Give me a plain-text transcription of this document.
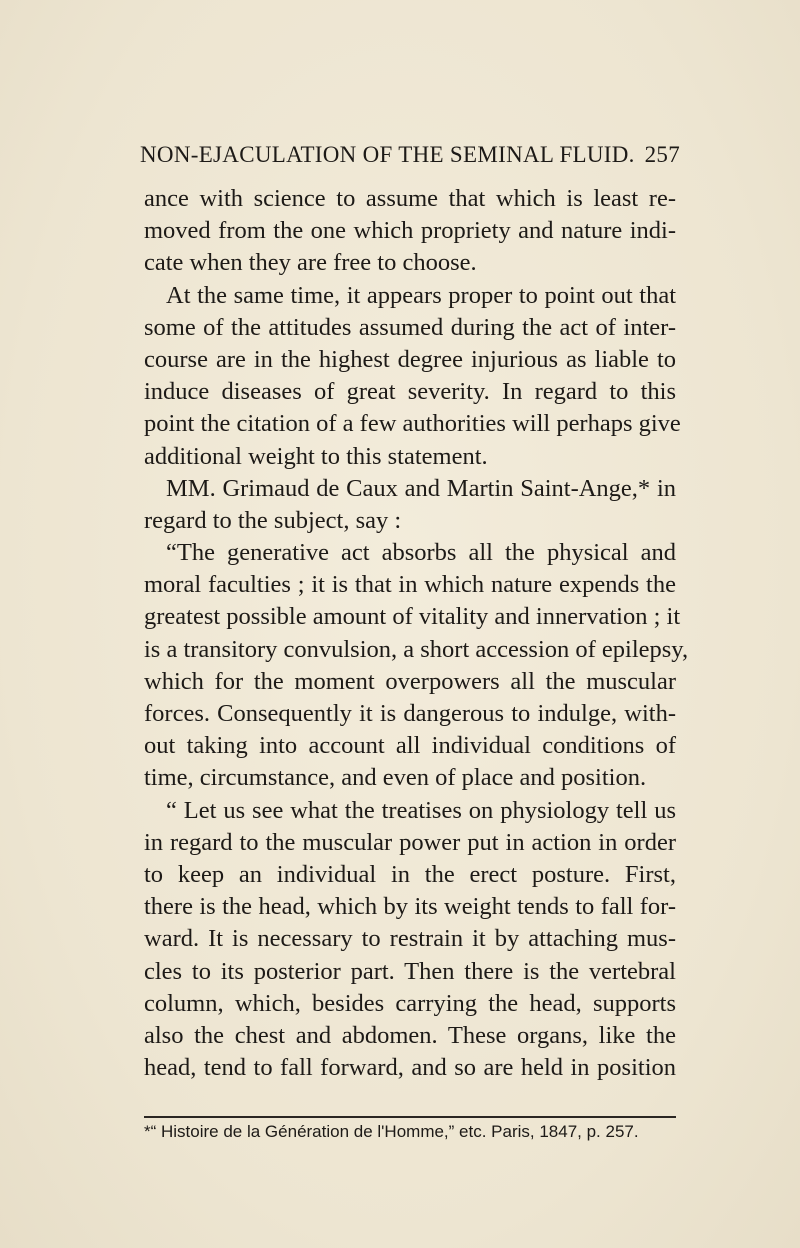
NON-EJACULATION OF THE SEMINAL FLUID. 257
ance with science to assume that which is least re-
moved from the one which propriety and nature indi-
cate when they are free to choose.
At the same time, it appears proper to point out that
some of the attitudes assumed during the act of inter-
course are in the highest degree injurious as liable to
induce diseases of great severity. In regard to this
point the citation of a few authorities will perhaps give
additional weight to this statement.
MM. Grimaud de Caux and Martin Saint-Ange,* in
regard to the subject, say :
“The generative act absorbs all the physical and
moral faculties ; it is that in which nature expends the
greatest possible amount of vitality and innervation ; it
is a transitory convulsion, a short accession of epilepsy,
which for the moment overpowers all the muscular
forces. Consequently it is dangerous to indulge, with-
out taking into account all individual conditions of
time, circumstance, and even of place and position.
“ Let us see what the treatises on physiology tell us
in regard to the muscular power put in action in order
to keep an individual in the erect posture. First,
there is the head, which by its weight tends to fall for-
ward. It is necessary to restrain it by attaching mus-
cles to its posterior part. Then there is the vertebral
column, which, besides carrying the head, supports
also the chest and abdomen. These organs, like the
head, tend to fall forward, and so are held in position
*“ Histoire de la Génération de l'Homme,” etc. Paris, 1847, p. 257.
